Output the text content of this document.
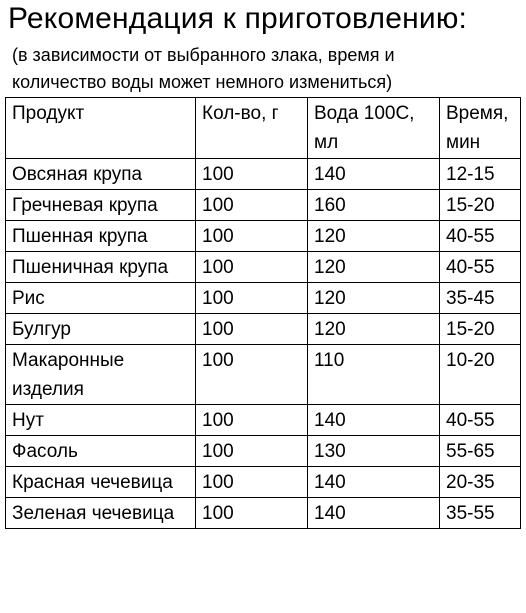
Рекомендация к приготовлению:
(в зависимости от выбранного злака, время и
количество воды может немного измениться)
Продукт	Кол-во, г	Вода 100С, мл	Время, мин
Овсяная крупа	100	140	12-15
Гречневая крупа	100	160	15-20
Пшенная крупа	100	120	40-55
Пшеничная крупа	100	120	40-55
Рис	100	120	35-45
Булгур	100	120	15-20
Макаронные изделия	100	110	10-20
Нут	100	140	40-55
Фасоль	100	130	55-65
Красная чечевица	100	140	20-35
Зеленая чечевица	100	140	35-55
